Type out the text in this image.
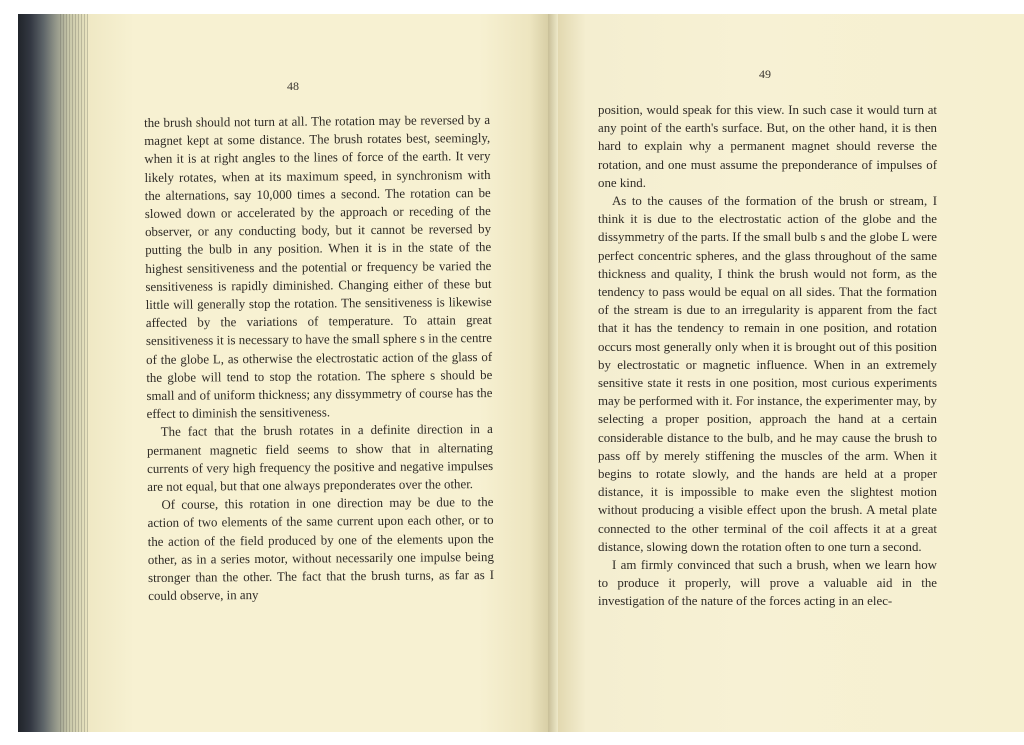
48

the brush should not turn at all. The rotation may be reversed by a magnet kept at some distance. The brush rotates best, seemingly, when it is at right angles to the lines of force of the earth. It very likely rotates, when at its maximum speed, in synchronism with the alternations, say 10,000 times a second. The rotation can be slowed down or accelerated by the approach or receding of the observer, or any conducting body, but it cannot be reversed by putting the bulb in any position. When it is in the state of the highest sensitiveness and the potential or frequency be varied the sensitiveness is rapidly diminished. Changing either of these but little will generally stop the rotation. The sensitiveness is likewise affected by the variations of temperature. To attain great sensitiveness it is necessary to have the small sphere s in the centre of the globe L, as otherwise the electrostatic action of the glass of the globe will tend to stop the rotation. The sphere s should be small and of uniform thickness; any dissymmetry of course has the effect to diminish the sensitiveness.

The fact that the brush rotates in a definite direction in a permanent magnetic field seems to show that in alternating currents of very high frequency the positive and negative impulses are not equal, but that one always preponderates over the other.

Of course, this rotation in one direction may be due to the action of two elements of the same current upon each other, or to the action of the field produced by one of the elements upon the other, as in a series motor, without necessarily one impulse being stronger than the other. The fact that the brush turns, as far as I could observe, in any

49

position, would speak for this view. In such case it would turn at any point of the earth's surface. But, on the other hand, it is then hard to explain why a permanent magnet should reverse the rotation, and one must assume the preponderance of impulses of one kind.

As to the causes of the formation of the brush or stream, I think it is due to the electrostatic action of the globe and the dissymmetry of the parts. If the small bulb s and the globe L were perfect concentric spheres, and the glass throughout of the same thickness and quality, I think the brush would not form, as the tendency to pass would be equal on all sides. That the formation of the stream is due to an irregularity is apparent from the fact that it has the tendency to remain in one position, and rotation occurs most generally only when it is brought out of this position by electrostatic or magnetic influence. When in an extremely sensitive state it rests in one position, most curious experiments may be performed with it. For instance, the experimenter may, by selecting a proper position, approach the hand at a certain considerable distance to the bulb, and he may cause the brush to pass off by merely stiffening the muscles of the arm. When it begins to rotate slowly, and the hands are held at a proper distance, it is impossible to make even the slightest motion without producing a visible effect upon the brush. A metal plate connected to the other terminal of the coil affects it at a great distance, slowing down the rotation often to one turn a second.

I am firmly convinced that such a brush, when we learn how to produce it properly, will prove a valuable aid in the investigation of the nature of the forces acting in an elec-
